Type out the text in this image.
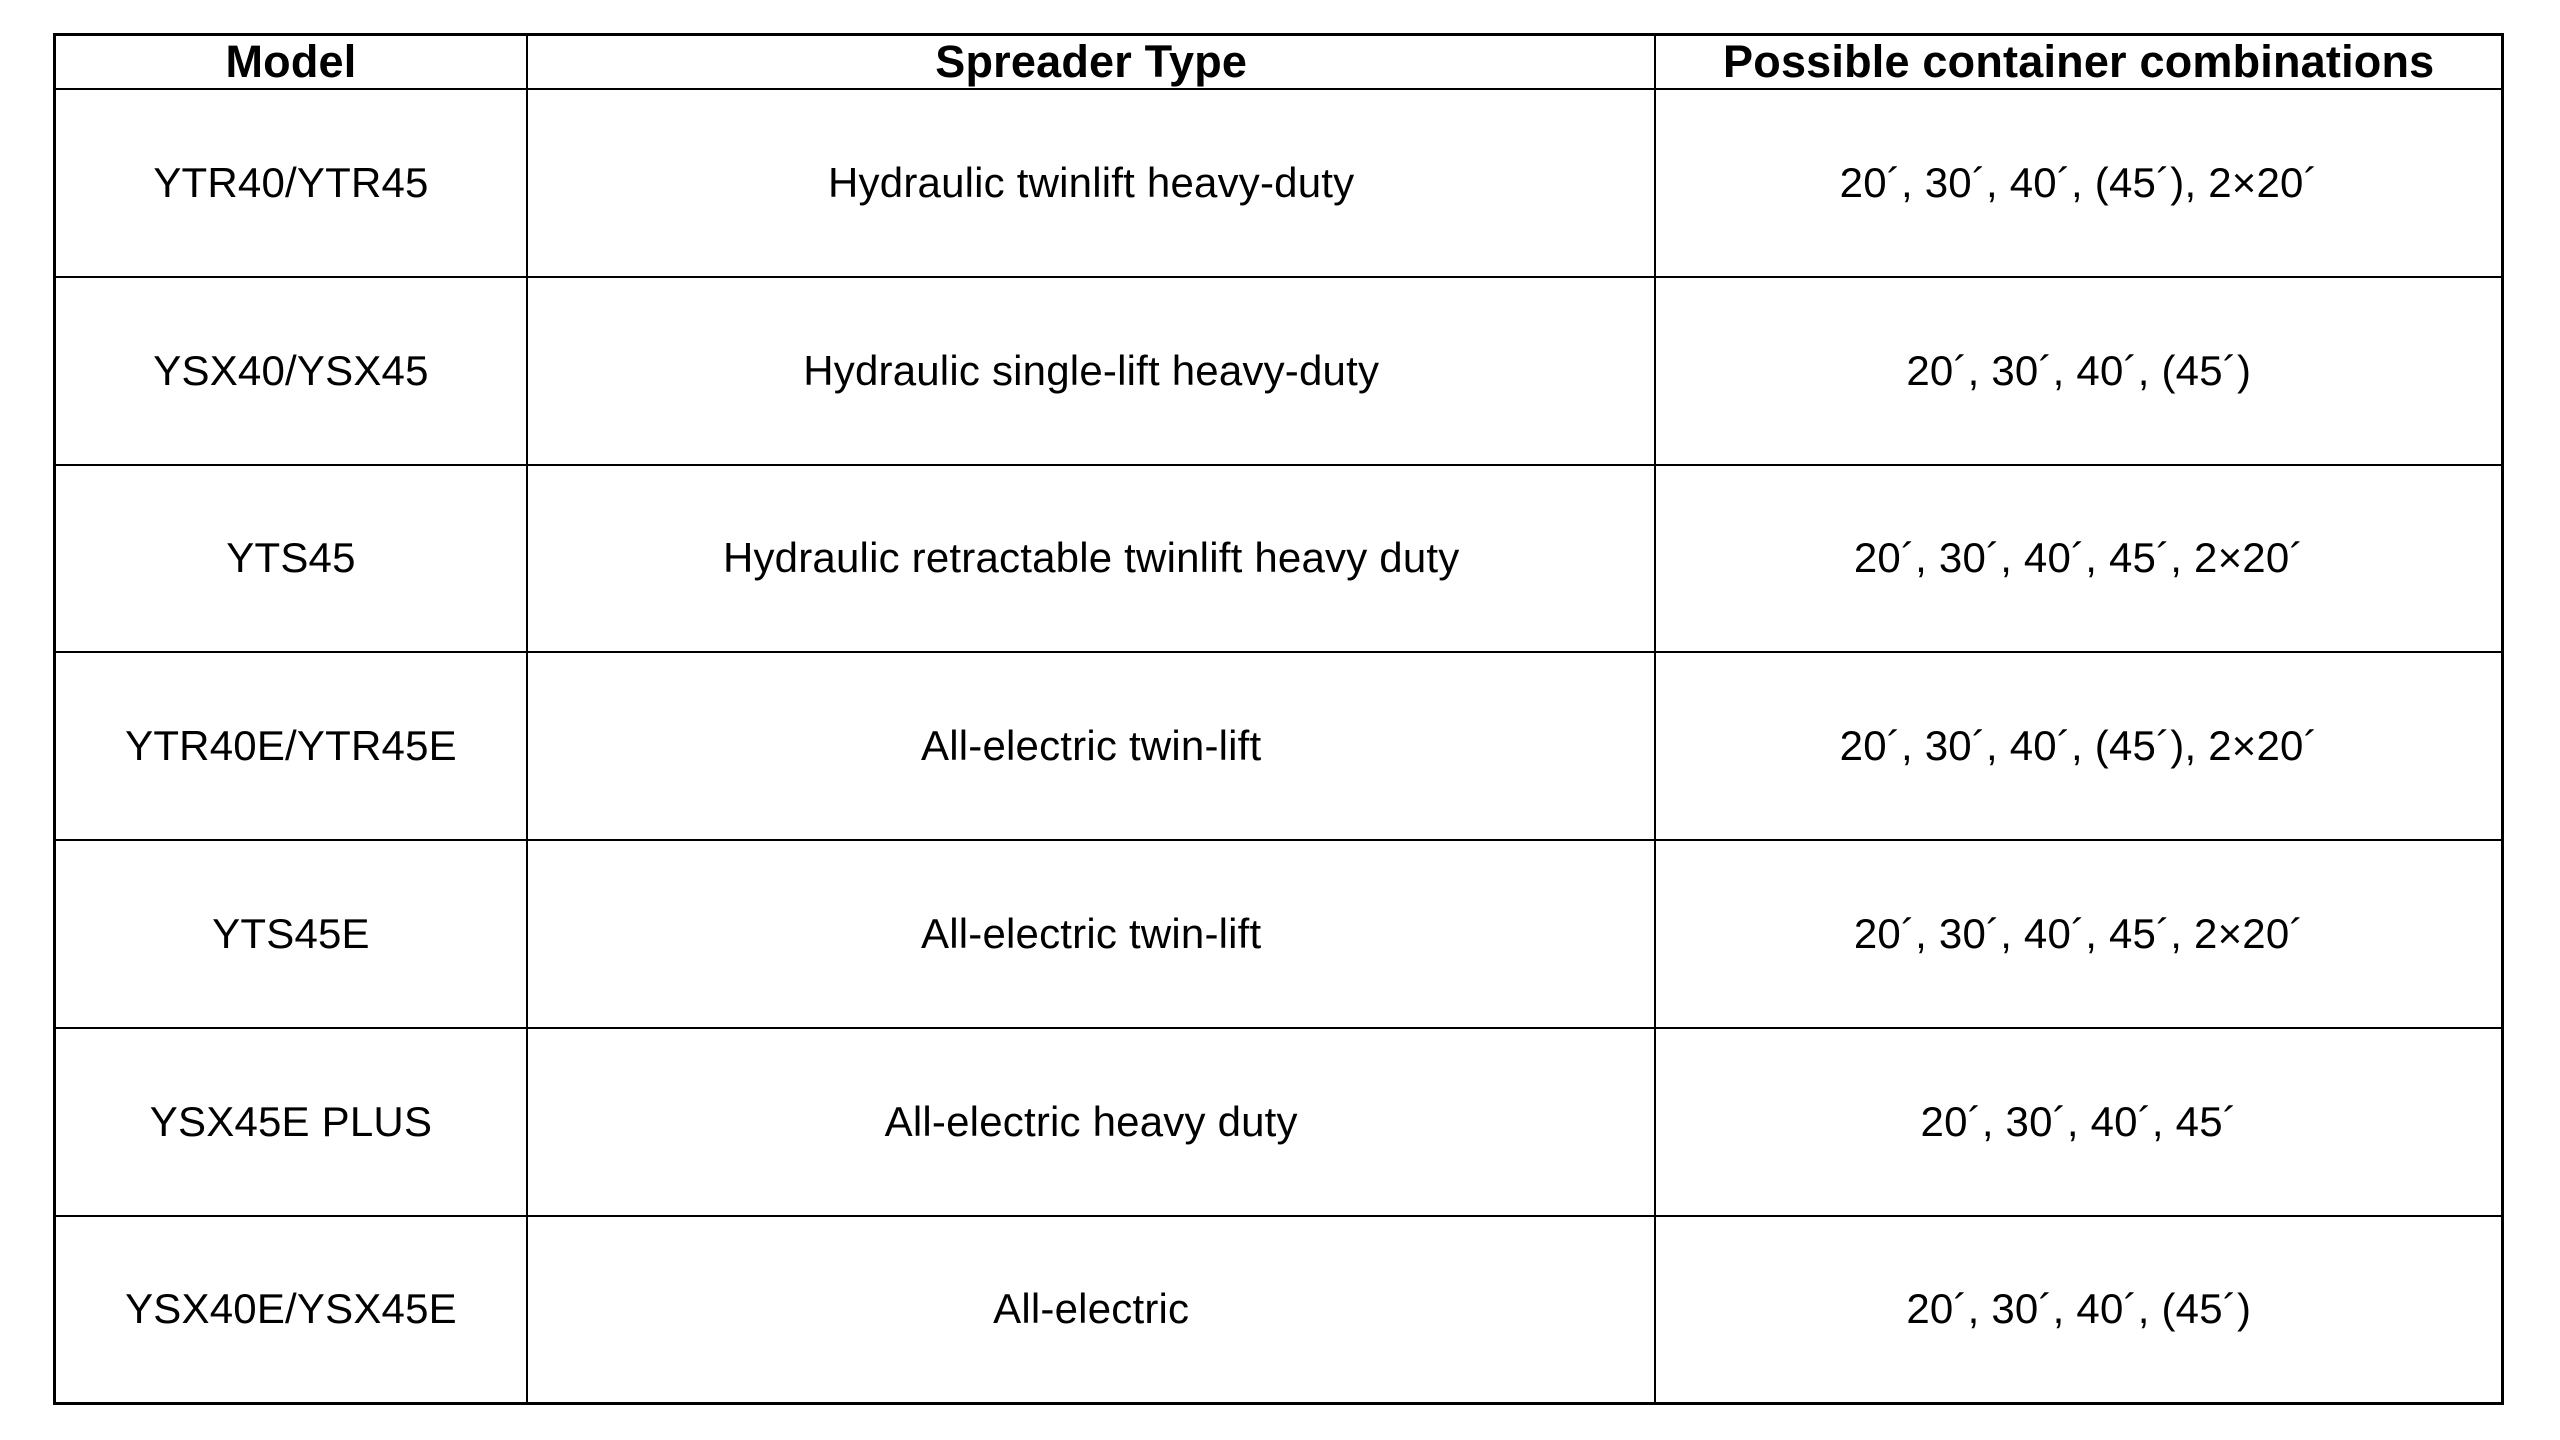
Model	Spreader Type	Possible container combinations
YTR40/YTR45	Hydraulic twinlift heavy-duty	20´, 30´, 40´, (45´), 2×20´
YSX40/YSX45	Hydraulic single-lift heavy-duty	20´, 30´, 40´, (45´)
YTS45	Hydraulic retractable twinlift heavy duty	20´, 30´, 40´, 45´, 2×20´
YTR40E/YTR45E	All-electric twin-lift	20´, 30´, 40´, (45´), 2×20´
YTS45E	All-electric twin-lift	20´, 30´, 40´, 45´, 2×20´
YSX45E PLUS	All-electric heavy duty	20´, 30´, 40´, 45´
YSX40E/YSX45E	All-electric	20´, 30´, 40´, (45´)
